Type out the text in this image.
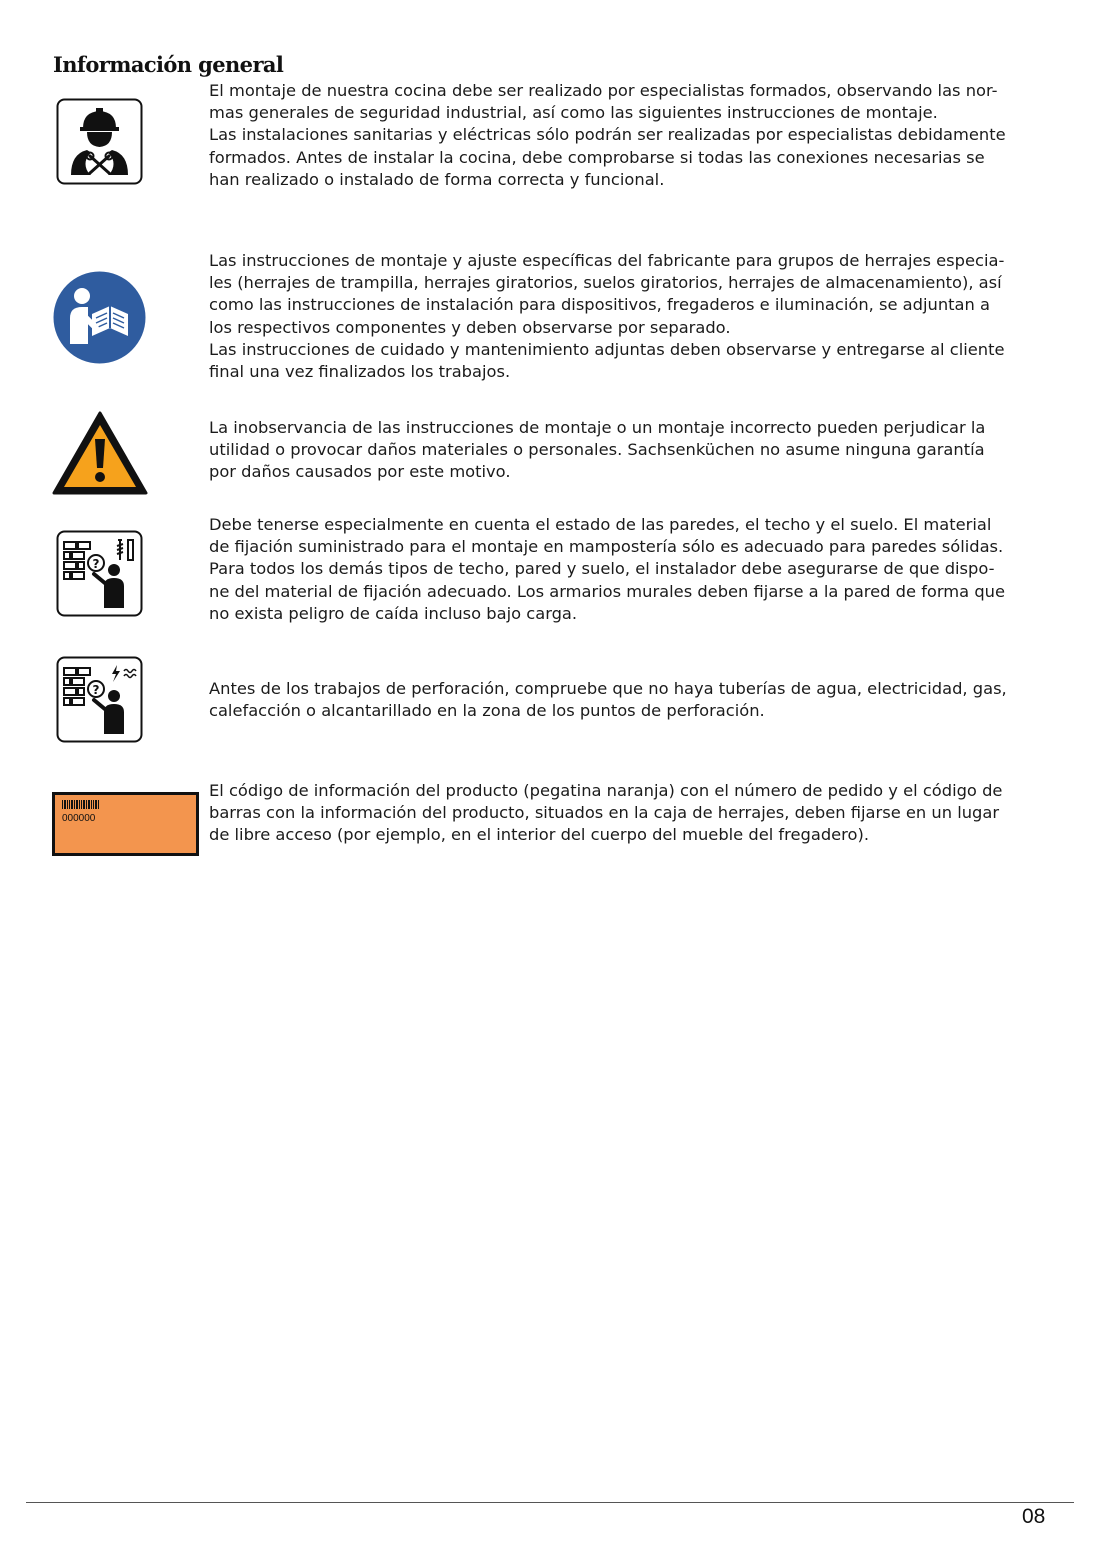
Información general

El montaje de nuestra cocina debe ser realizado por especialistas formados, observando las nor-
mas generales de seguridad industrial, así como las siguientes instrucciones de montaje.
Las instalaciones sanitarias y eléctricas sólo podrán ser realizadas por especialistas debidamente
formados. Antes de instalar la cocina, debe comprobarse si todas las conexiones necesarias se
han realizado o instalado de forma correcta y funcional.

Las instrucciones de montaje y ajuste específicas del fabricante para grupos de herrajes especia-
les (herrajes de trampilla, herrajes giratorios, suelos giratorios, herrajes de almacenamiento), así
como las instrucciones de instalación para dispositivos, fregaderos e iluminación, se adjuntan a
los respectivos componentes y deben observarse por separado.
Las instrucciones de cuidado y mantenimiento adjuntas deben observarse y entregarse al cliente
final una vez finalizados los trabajos.

La inobservancia de las instrucciones de montaje o un montaje incorrecto pueden perjudicar la
utilidad o provocar daños materiales o personales. Sachsenküchen no asume ninguna garantía
por daños causados por este motivo.

?

Debe tenerse especialmente en cuenta el estado de las paredes, el techo y el suelo. El material
de fijación suministrado para el montaje en mampostería sólo es adecuado para paredes sólidas.
Para todos los demás tipos de techo, pared y suelo, el instalador debe asegurarse de que dispo-
ne del material de fijación adecuado. Los armarios murales deben fijarse a la pared de forma que
no exista peligro de caída incluso bajo carga.

?	Antes de los trabajos de perforación, compruebe que no haya tuberías de agua, electricidad, gas,
calefacción o alcantarillado en la zona de los puntos de perforación.

000000

El código de información del producto (pegatina naranja) con el número de pedido y el código de
barras con la información del producto, situados en la caja de herrajes, deben fijarse en un lugar
de libre acceso (por ejemplo, en el interior del cuerpo del mueble del fregadero).

08
